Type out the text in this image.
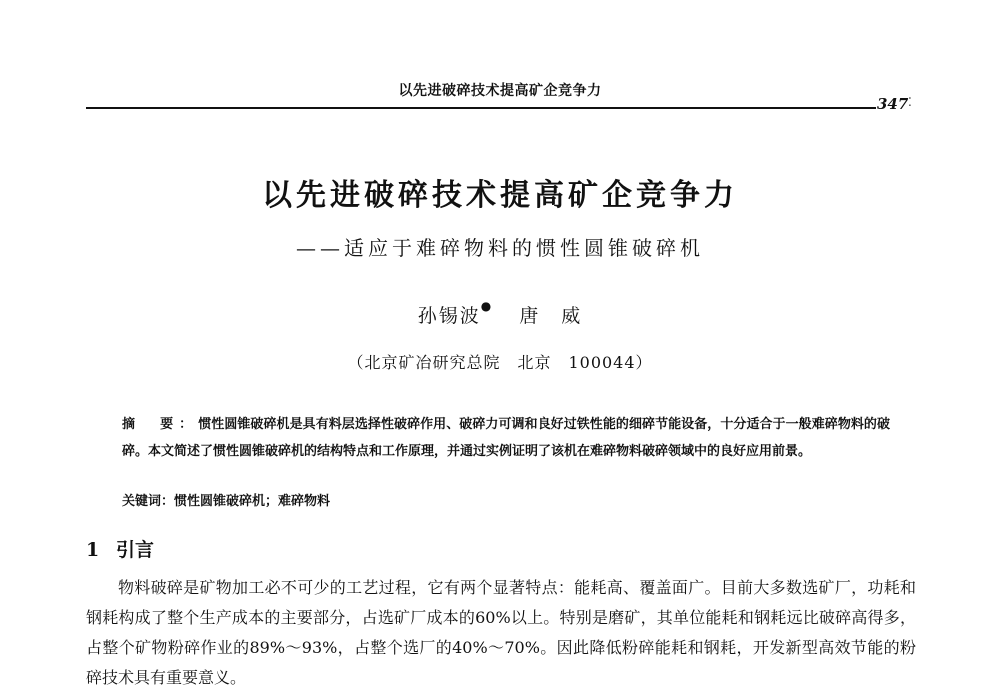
以先进破碎技术提高矿企竞争力
347 ⁚
以先进破碎技术提高矿企竞争力
——适应于难碎物料的惯性圆锥破碎机
孙锡波● 唐　威
（北京矿冶研究总院　北京　100044）
摘　要：惯性圆锥破碎机是具有料层选择性破碎作用、破碎力可调和良好过铁性能的细碎节能设备，十分适合于一般难碎物料的破碎。本文简述了惯性圆锥破碎机的结构特点和工作原理，并通过实例证明了该机在难碎物料破碎领域中的良好应用前景。
关键词：惯性圆锥破碎机；难碎物料
1 引言
物料破碎是矿物加工必不可少的工艺过程，它有两个显著特点：能耗高、覆盖面广。目前大多数选矿厂，功耗和钢耗构成了整个生产成本的主要部分，占选矿厂成本的60%以上。特别是磨矿，其单位能耗和钢耗远比破碎高得多，占整个矿物粉碎作业的89%～93%，占整个选厂的40%～70%。因此降低粉碎能耗和钢耗，开发新型高效节能的粉碎技术具有重要意义。
